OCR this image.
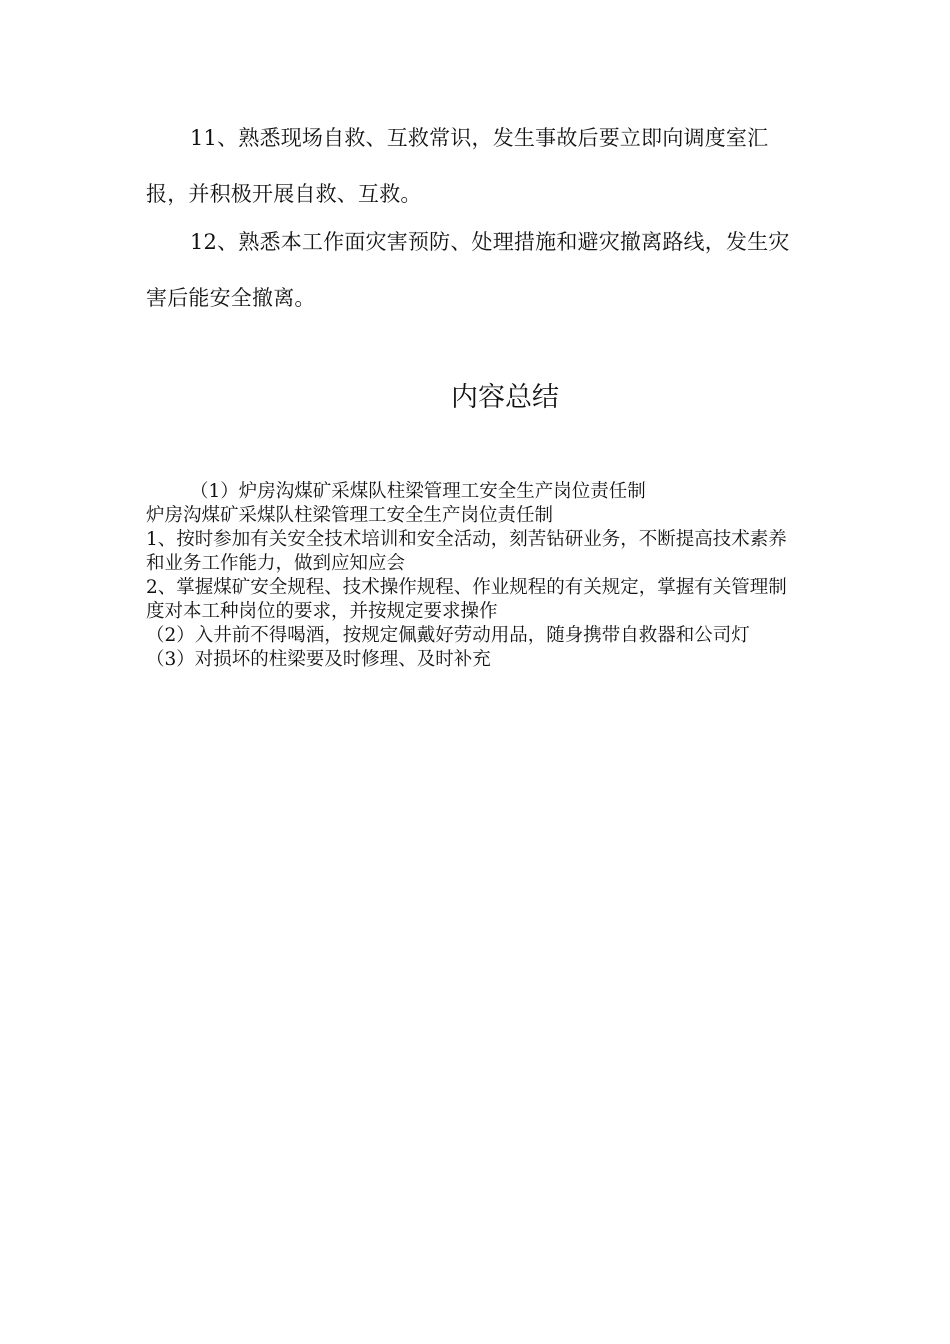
11、熟悉现场自救、互救常识，发生事故后要立即向调度室汇报，并积极开展自救、互救。

12、熟悉本工作面灾害预防、处理措施和避灾撤离路线，发生灾害后能安全撤离。

内容总结

（1）炉房沟煤矿采煤队柱梁管理工安全生产岗位责任制

炉房沟煤矿采煤队柱梁管理工安全生产岗位责任制

1、按时参加有关安全技术培训和安全活动，刻苦钻研业务，不断提高技术素养和业务工作能力，做到应知应会

2、掌握煤矿安全规程、技术操作规程、作业规程的有关规定，掌握有关管理制度对本工种岗位的要求，并按规定要求操作

（2）入井前不得喝酒，按规定佩戴好劳动用品，随身携带自救器和公司灯

（3）对损坏的柱梁要及时修理、及时补充
